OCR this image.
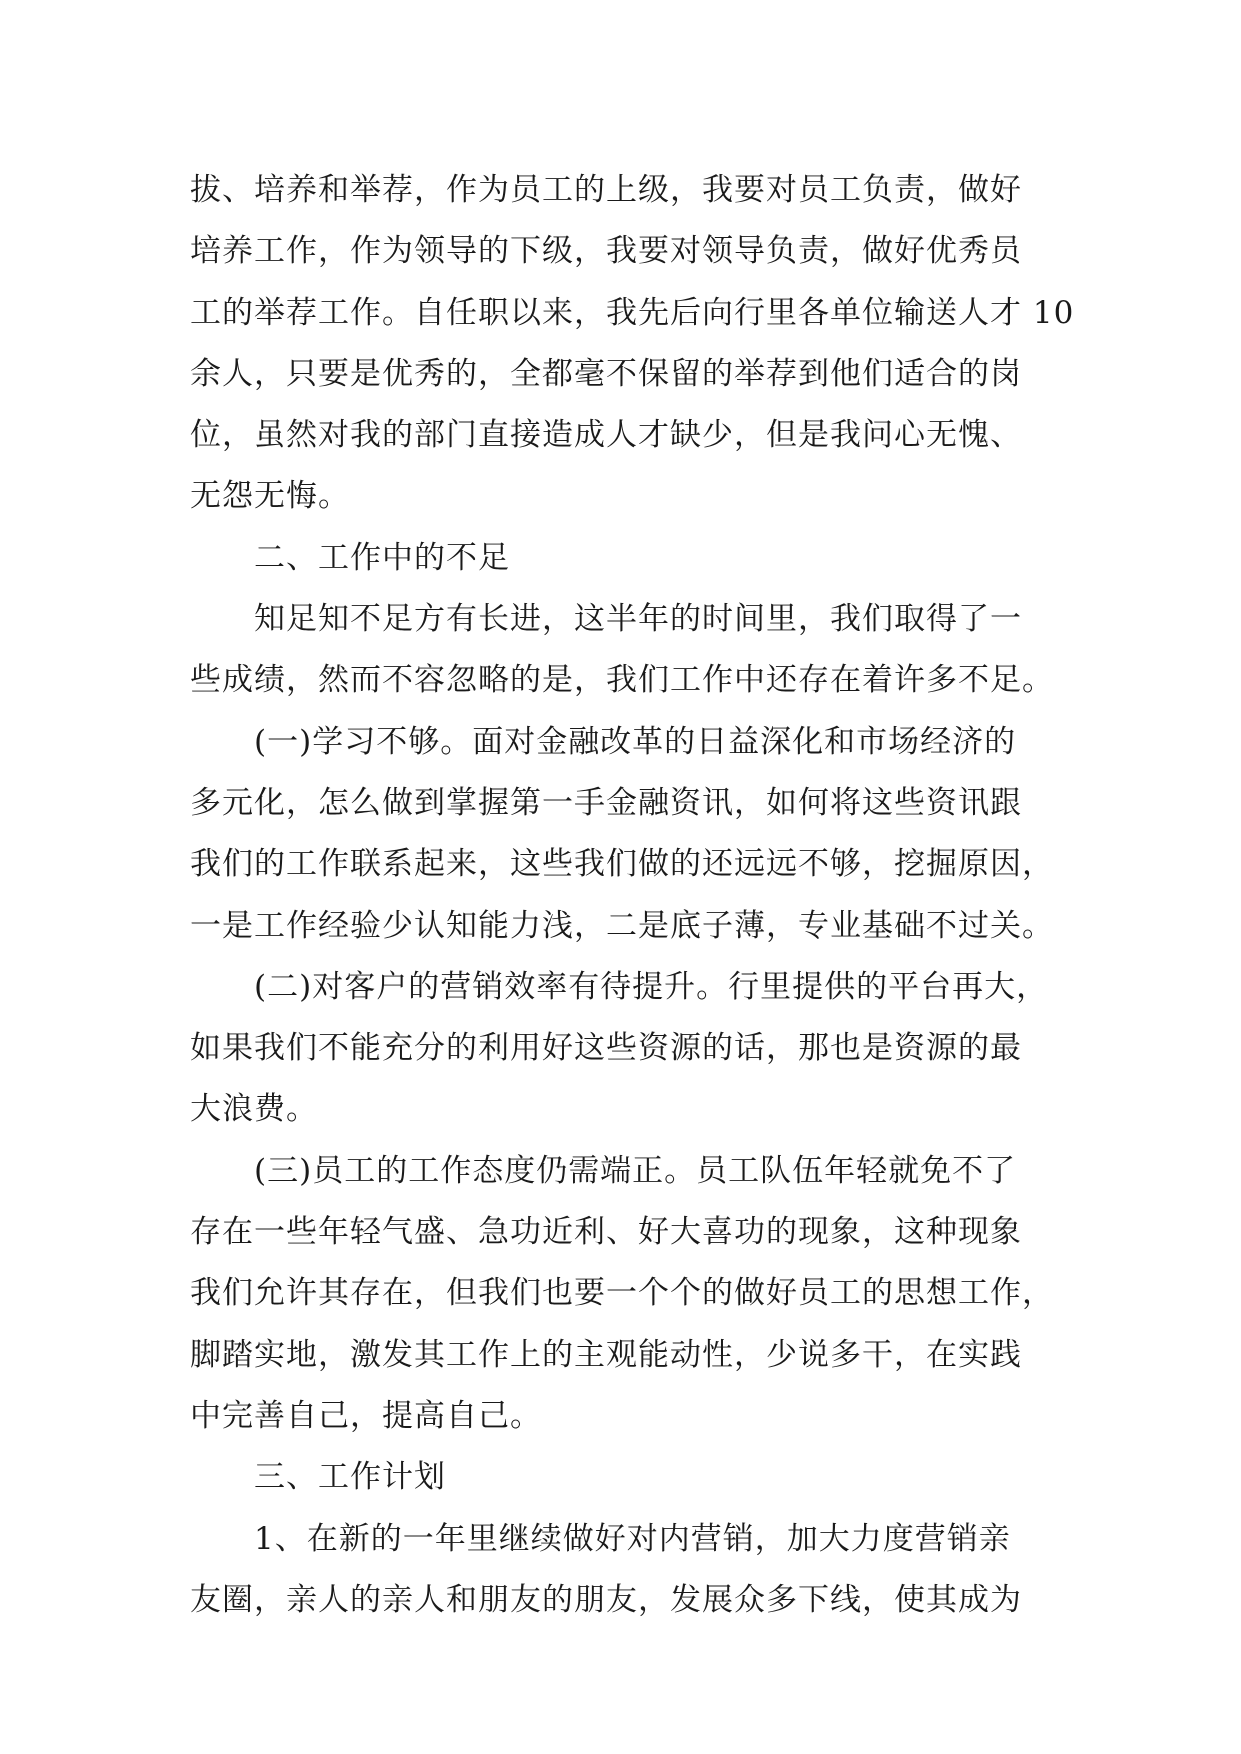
拔、培养和举荐，作为员工的上级，我要对员工负责，做好
培养工作，作为领导的下级，我要对领导负责，做好优秀员
工的举荐工作。自任职以来，我先后向行里各单位输送人才 10
余人，只要是优秀的，全都毫不保留的举荐到他们适合的岗
位，虽然对我的部门直接造成人才缺少，但是我问心无愧、
无怨无悔。
二、工作中的不足
知足知不足方有长进，这半年的时间里，我们取得了一
些成绩，然而不容忽略的是，我们工作中还存在着许多不足。
(一)学习不够。面对金融改革的日益深化和市场经济的
多元化，怎么做到掌握第一手金融资讯，如何将这些资讯跟
我们的工作联系起来，这些我们做的还远远不够，挖掘原因，
一是工作经验少认知能力浅，二是底子薄，专业基础不过关。
(二)对客户的营销效率有待提升。行里提供的平台再大，
如果我们不能充分的利用好这些资源的话，那也是资源的最
大浪费。
(三)员工的工作态度仍需端正。员工队伍年轻就免不了
存在一些年轻气盛、急功近利、好大喜功的现象，这种现象
我们允许其存在，但我们也要一个个的做好员工的思想工作，
脚踏实地，激发其工作上的主观能动性，少说多干，在实践
中完善自己，提高自己。
三、工作计划
1、在新的一年里继续做好对内营销，加大力度营销亲
友圈，亲人的亲人和朋友的朋友，发展众多下线，使其成为
